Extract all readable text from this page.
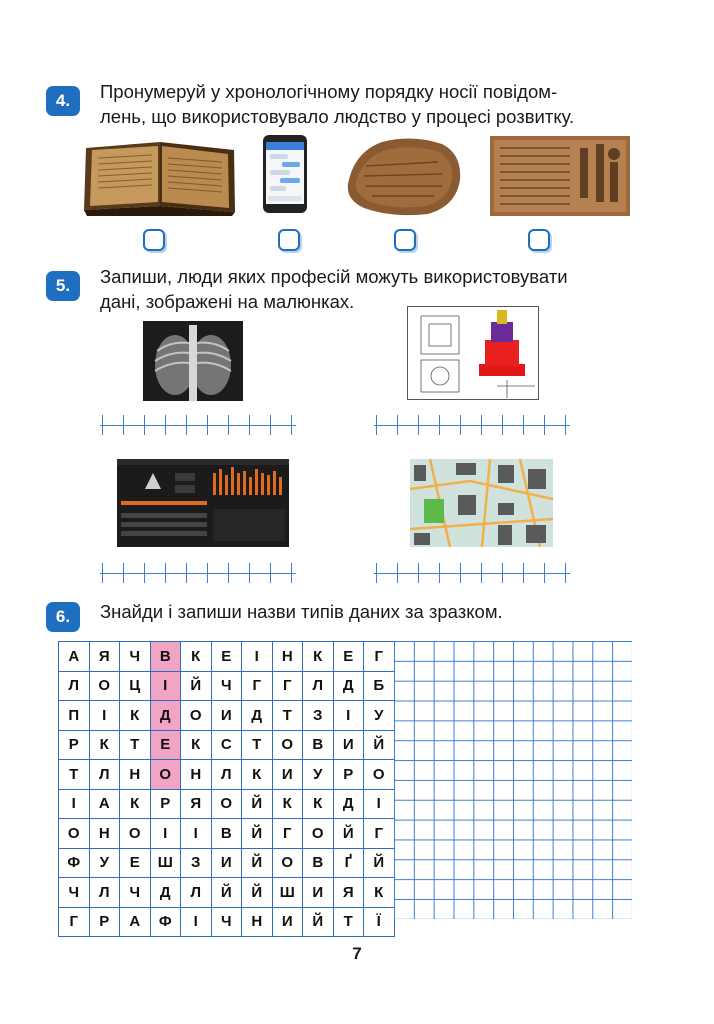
4.	Пронумеруй у хронологічному порядку носії повідом-
лень, що використовувало людство у процесі розвитку.
5.	Запиши, люди яких професій можуть використовувати
дані, зображені на малюнках.
6.	Знайди і запиши назви типів даних за зразком.
А	Я	Ч	В	К	Е	І	Н	К	Е	Г
Л	О	Ц	І	Й	Ч	Г	Г	Л	Д	Б
П	І	К	Д	О	И	Д	Т	З	І	У
Р	К	Т	Е	К	С	Т	О	В	И	Й
Т	Л	Н	О	Н	Л	К	И	У	Р	О
І	А	К	Р	Я	О	Й	К	К	Д	І
О	Н	О	І	І	В	Й	Г	О	Й	Г
Ф	У	Е	Ш	З	И	Й	О	В	Ґ	Й
Ч	Л	Ч	Д	Л	Й	Й	Ш	И	Я	К
Г	Р	А	Ф	І	Ч	Н	И	Й	Т	Ї
7
